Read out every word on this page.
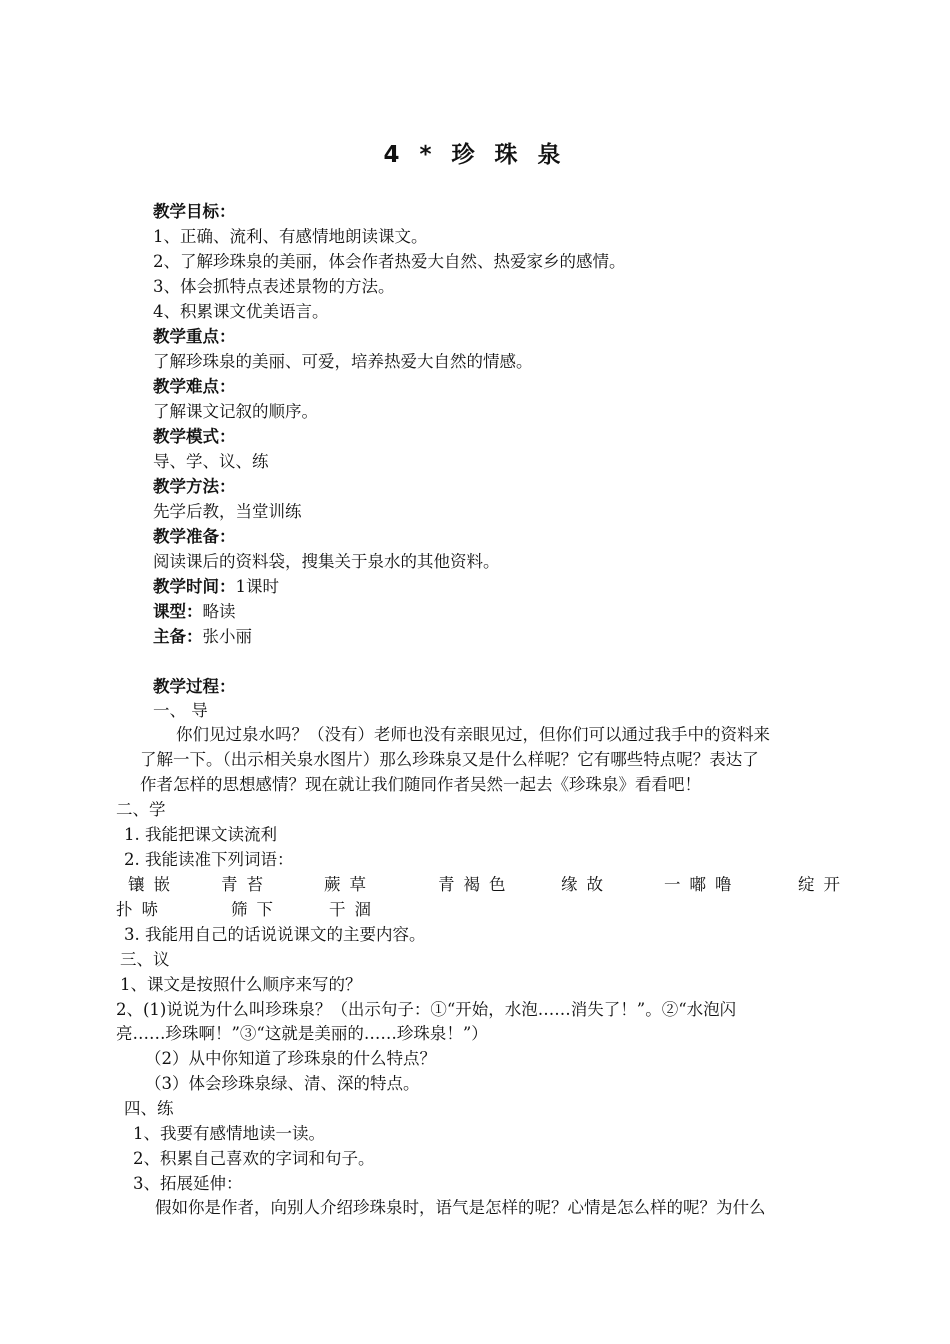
4 * 珍 珠 泉
教学目标：
1、正确、流利、有感情地朗读课文。
2、了解珍珠泉的美丽，体会作者热爱大自然、热爱家乡的感情。
3、体会抓特点表述景物的方法。
4、积累课文优美语言。
教学重点：
了解珍珠泉的美丽、可爱，培养热爱大自然的情感。
教学难点：
了解课文记叙的顺序。
教学模式：
导、学、议、练
教学方法：
先学后教，当堂训练
教学准备：
阅读课后的资料袋，搜集关于泉水的其他资料。
教学时间：1课时
课型：略读
主备：张小丽
教学过程：
一、 导
你们见过泉水吗？（没有）老师也没有亲眼见过，但你们可以通过我手中的资料来
了解一下。（出示相关泉水图片）那么珍珠泉又是什么样呢？它有哪些特点呢？表达了
作者怎样的思想感情？现在就让我们随同作者吴然一起去《珍珠泉》看看吧！
二、学
1. 我能把课文读流利
2. 我能读准下列词语：
镶嵌	青苔	蕨草	青褐色	缘故	一嘟噜	绽开
扑哧	筛下	干涸
3. 我能用自己的话说说课文的主要内容。
三、议
1、课文是按照什么顺序来写的？
2、(1)说说为什么叫珍珠泉？（出示句子：①“开始，水泡……消失了！”。②“水泡闪
亮……珍珠啊！”③“这就是美丽的……珍珠泉！”）
（2）从中你知道了珍珠泉的什么特点？
（3）体会珍珠泉绿、清、深的特点。
四、练
1、我要有感情地读一读。
2、积累自己喜欢的字词和句子。
3、拓展延伸：
假如你是作者，向别人介绍珍珠泉时，语气是怎样的呢？心情是怎么样的呢？为什么
